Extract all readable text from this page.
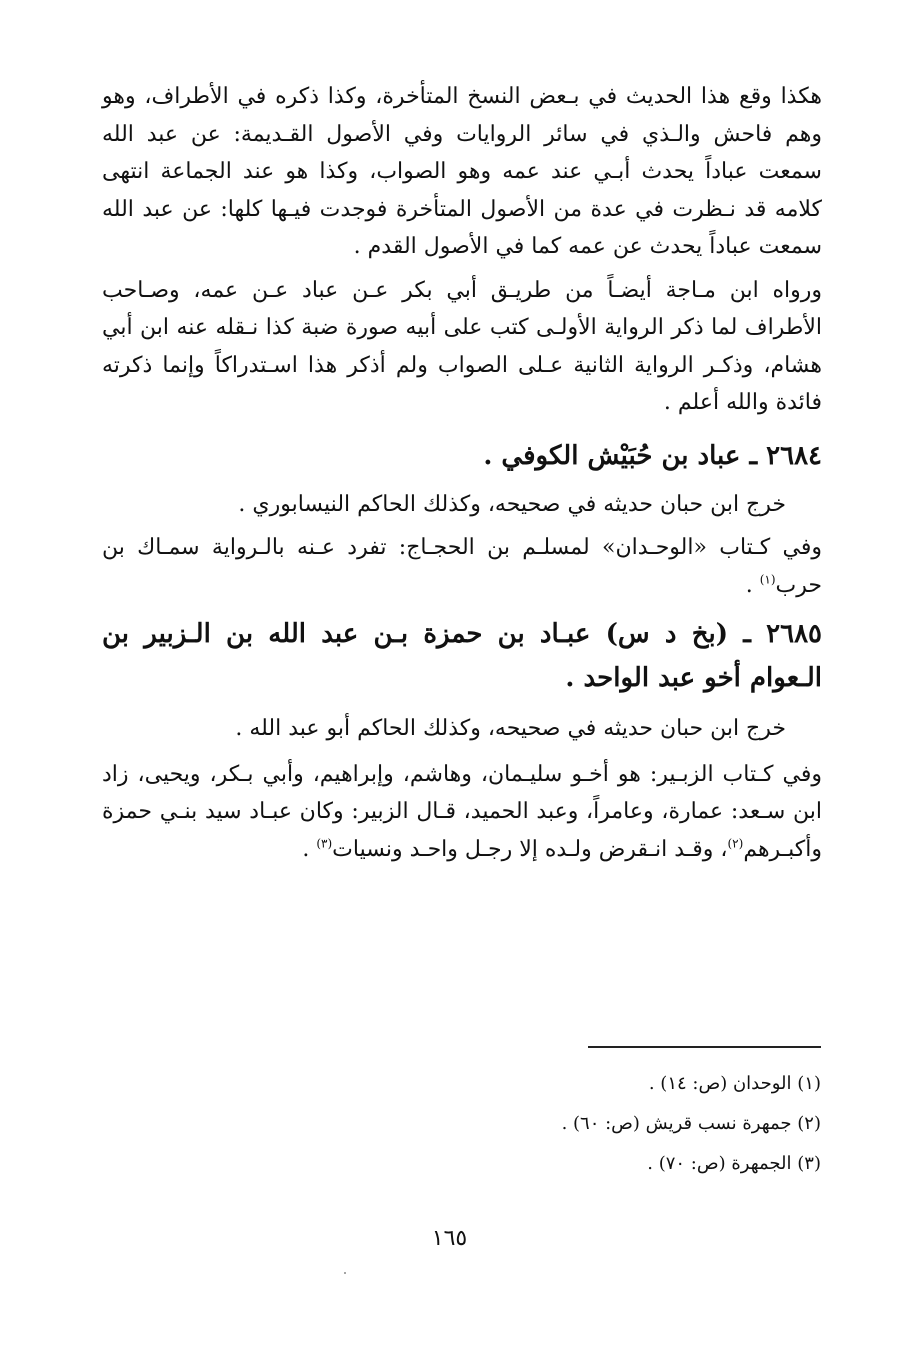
هكذا وقع هذا الحديث في بـعض النسخ المتأخرة، وكذا ذكره في الأطراف، وهو وهم فاحش والـذي في سائر الروايات وفي الأصول القـديمة: عن عبد الله سمعت عباداً يحدث أبـي عند عمه وهو الصواب، وكذا هو عند الجماعة انتهى كلامه قد نـظرت في عدة من الأصول المتأخرة فوجدت فيـها كلها: عن عبد الله سمعت عباداً يحدث عن عمه كما في الأصول القدم .

ورواه ابن مـاجة أيضـاً من طريـق أبي بكر عـن عباد عـن عمه، وصـاحب الأطراف لما ذكر الرواية الأولـى كتب على أبيه صورة ضبة كذا نـقله عنه ابن أبي هشام، وذكـر الرواية الثانية عـلى الصواب ولم أذكر هذا اسـتدراكاً وإنما ذكرته فائدة والله أعلم .

٢٦٨٤ ـ عباد بن حُبَيْش الكوفي .

خرج ابن حبان حديثه في صحيحه، وكذلك الحاكم النيسابوري .

وفي كـتاب «الوحـدان» لمسلـم بن الحجـاج: تفرد عـنه بالـرواية سمـاك بن حرب$^{(١)}$ .

٢٦٨٥ ـ (بخ د س) عبـاد بن حمزة بـن عبد الله بن الـزبير بن الـعوام أخو عبد الواحد .

خرج ابن حبان حديثه في صحيحه، وكذلك الحاكم أبو عبد الله .

وفي كـتاب الزبـير: هو أخـو سليـمان، وهاشم، وإبراهيم، وأبي بـكر، ويحيى، زاد ابن سـعد: عمارة، وعامراً، وعبد الحميد، قـال الزبير: وكان عبـاد سيد بنـي حمزة وأكبـرهم$^{(٢)}$، وقـد انـقرض ولـده إلا رجـل واحـد ونسيات$^{(٣)}$ .

(١) الوحدان (ص: ١٤) .
(٢) جمهرة نسب قريش (ص: ٦٠) .
(٣) الجمهرة (ص: ٧٠) .
١٦٥
